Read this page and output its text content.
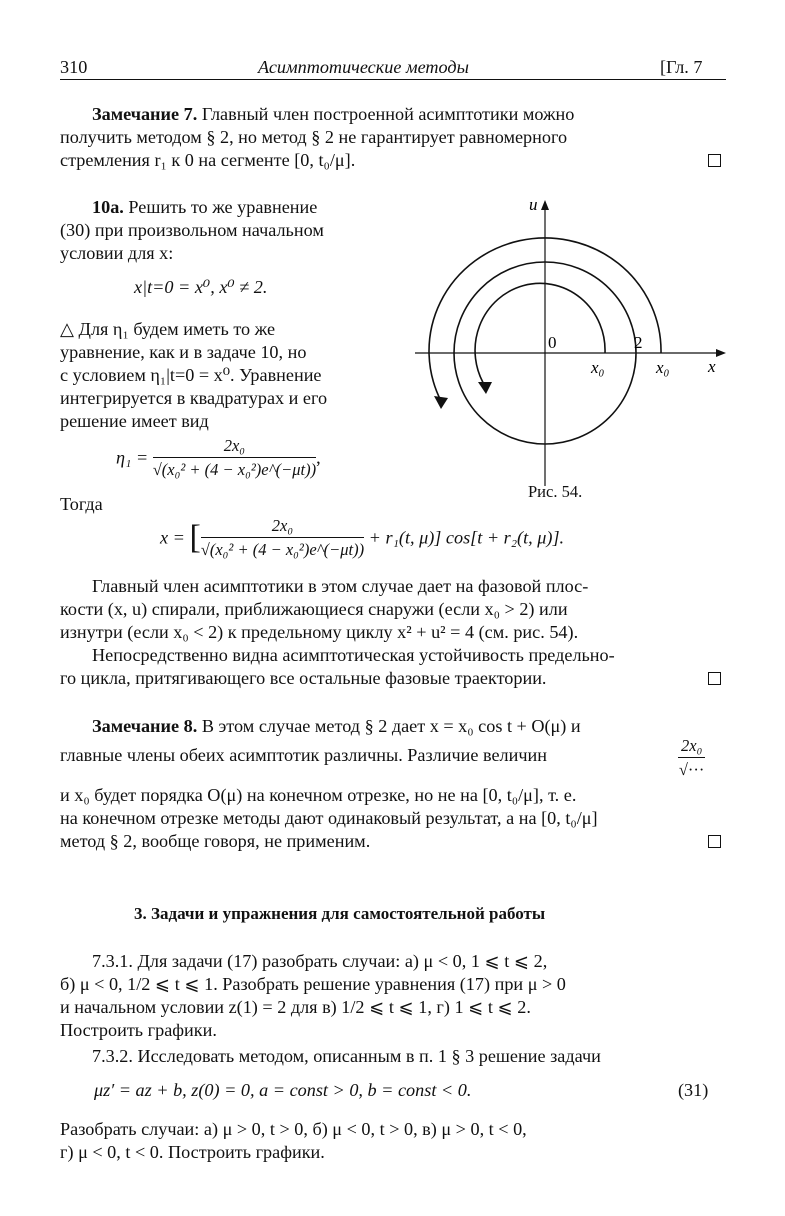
310	Асимптотические методы	[Гл. 7
Замечание 7. Главный член построенной асимптотики можно
получить методом § 2, но метод § 2 не гарантирует равномерного
стремления r₁ к 0 на сегменте [0, t₀/μ].
10а. Решить то же уравнение
(30) при произвольном начальном
условии для x:
x|t=0 = x⁰, x⁰ ≠ 2.
△ Для η₁ будем иметь то же
уравнение, как и в задаче 10, но
с условием η₁|t=0 = x⁰. Уравнение
интегрируется в квадратурах и его
решение имеет вид
$\eta_1 = \frac{\text{2x₀}}{\text{√(x₀² + (4 − x₀²)e\textasciicircum{}(−μt))}}$ ,
Тогда
u
x
0	2
x₀	x₀
Рис. 54.
x = [ $\frac{\text{2x₀}}{\text{√(x₀² + (4 − x₀²)e\textasciicircum{}(−μt))}} + r_1(t$, μ)] cos[t + r₂(t, μ)].
Главный член асимптотики в этом случае дает на фазовой плос-
кости (x, u) спирали, приближающиеся снаружи (если x₀ > 2) или
изнутри (если x₀ < 2) к предельному циклу x² + u² = 4 (см. рис. 54).
Непосредственно видна асимптотическая устойчивость предельно-
го цикла, притягивающего все остальные фазовые траектории.
Замечание 8. В этом случае метод § 2 дает x = x₀ cos t + O(μ) и
главные члены обеих асимптотик различны. Различие величин	2x₀
√···
и x₀ будет порядка O(μ) на конечном отрезке, но не на [0, t₀/μ], т. е.
на конечном отрезке методы дают одинаковый результат, а на [0, t₀/μ]
метод § 2, вообще говоря, не применим.
3. Задачи и упражнения для самостоятельной работы
7.3.1. Для задачи (17) разобрать случаи: а) μ < 0, 1 ⩽ t ⩽ 2,
б) μ < 0, 1/2 ⩽ t ⩽ 1. Разобрать решение уравнения (17) при μ > 0
и начальном условии z(1) = 2 для в) 1/2 ⩽ t ⩽ 1, г) 1 ⩽ t ⩽ 2.
Построить графики.
7.3.2. Исследовать методом, описанным в п. 1 § 3 решение задачи
μz′ = az + b, z(0) = 0, a = const > 0, b = const < 0.	(31)
Разобрать случаи: а) μ > 0, t > 0, б) μ < 0, t > 0, в) μ > 0, t < 0,
г) μ < 0, t < 0. Построить графики.
